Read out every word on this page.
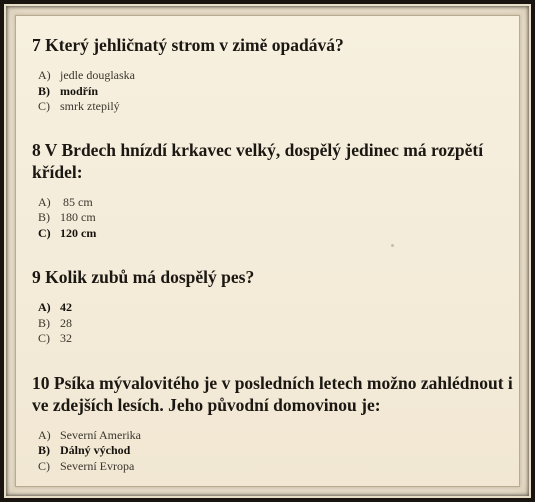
7 Který jehličnatý strom v zimě opadává?

A) jedle douglaska
B) modřín
C) smrk ztepilý

8 V Brdech hnízdí krkavec velký, dospělý jedinec má rozpětí křídel:

A) 85 cm
B) 180 cm
C) 120 cm

9 Kolik zubů má dospělý pes?

A) 42
B) 28
C) 32

10 Psíka mývalovitého je v posledních letech možno zahlédnout i ve zdejších lesích. Jeho původní domovinou je:

A) Severní Amerika
B) Dálný východ
C) Severní Evropa
